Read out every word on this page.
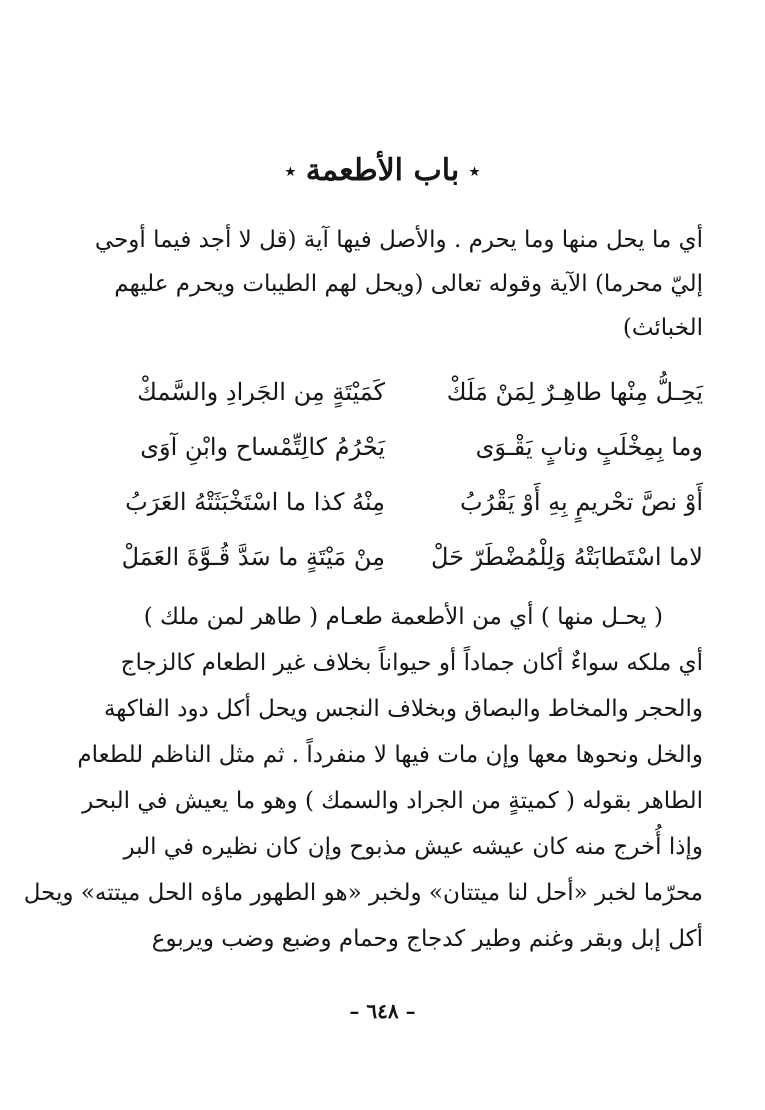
٭ باب الأطعمة ٭

أي ما يحل منها وما يحرم . والأصل فيها آية (قل لا أجد فيما أوحي

إليّ محرما) الآية وقوله تعالى (ويحل لهم الطيبات ويحرم عليهم

الخبائث)

يَحِـلُّ مِنْها طاهِـرٌ لِمَنْ مَلَكْ
كَمَيْتَةٍ مِن الجَرادِ والسَّمكْ
وما بِمِخْلَبٍ ونابٍ يَقْـوَى
يَحْرُمُ كالِتِّمْساح وابْنِ آوَى
أَوْ نصَّ تحْريمٍ بِهِ أَوْ يَقْرُبُ
مِنْهُ كذا ما اسْتَخْبَثَتْهُ العَرَبُ
لاما اسْتَطابَتْهُ وَلِلْمُضْطَرّ حَلْ
مِنْ مَيْتَةٍ ما سَدَّ قُـوَّةَ العَمَلْ

( يحـل منها ) أي من الأطعمة طعـام ( طاهر لمن ملك )

أي ملكه سواءٌ أكان جماداً أو حيواناً بخلاف غير الطعام كالزجاج

والحجر والمخاط والبصاق وبخلاف النجس ويحل أكل دود الفاكهة

والخل ونحوها معها وإن مات فيها لا منفرداً . ثم مثل الناظم للطعام

الطاهر بقوله ( كميتةٍ من الجراد والسمك ) وهو ما يعيش في البحر

وإذا أُخرج منه كان عيشه عيش مذبوح وإن كان نظيره في البر

محرّما لخبر «أحل لنا ميتتان» ولخبر «هو الطهور ماؤه الحل ميتته» ويحل

أكل إبل وبقر وغنم وطير كدجاج وحمام وضبع وضب ويربوع

– ٦٤٨ –
